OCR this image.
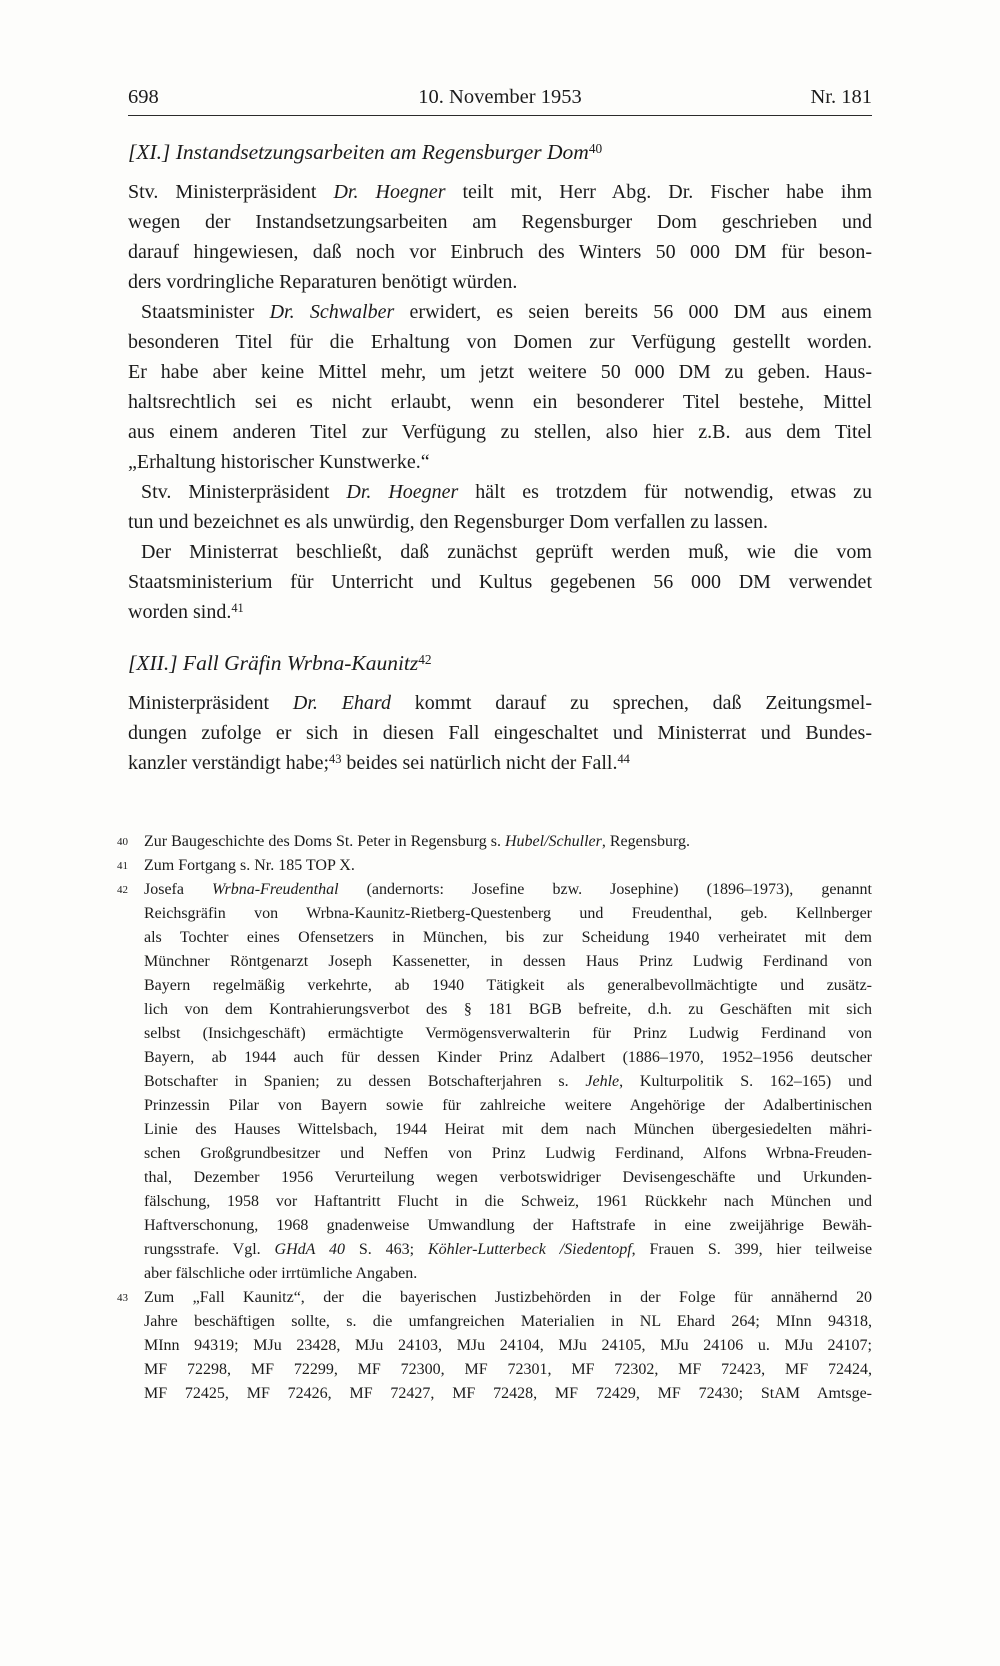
698	10. November 1953	Nr. 181
[XI.] Instandsetzungsarbeiten am Regensburger Dom$^{40}$
Stv. Ministerpräsident Dr. Hoegner teilt mit, Herr Abg. Dr. Fischer habe ihm
wegen der Instandsetzungsarbeiten am Regensburger Dom geschrieben und
darauf hingewiesen, daß noch vor Einbruch des Winters 50 000 DM für beson-
ders vordringliche Reparaturen benötigt würden.
Staatsminister Dr. Schwalber erwidert, es seien bereits 56 000 DM aus einem
besonderen Titel für die Erhaltung von Domen zur Verfügung gestellt worden.
Er habe aber keine Mittel mehr, um jetzt weitere 50 000 DM zu geben. Haus-
haltsrechtlich sei es nicht erlaubt, wenn ein besonderer Titel bestehe, Mittel
aus einem anderen Titel zur Verfügung zu stellen, also hier z.B. aus dem Titel
„Erhaltung historischer Kunstwerke.“
Stv. Ministerpräsident Dr. Hoegner hält es trotzdem für notwendig, etwas zu
tun und bezeichnet es als unwürdig, den Regensburger Dom verfallen zu lassen.
Der Ministerrat beschließt, daß zunächst geprüft werden muß, wie die vom
Staatsministerium für Unterricht und Kultus gegebenen 56 000 DM verwendet
worden sind.$^{41}$
[XII.] Fall Gräfin Wrbna-Kaunitz$^{42}$
Ministerpräsident Dr. Ehard kommt darauf zu sprechen, daß Zeitungsmel-
dungen zufolge er sich in diesen Fall eingeschaltet und Ministerrat und Bundes-
kanzler verständigt habe;$^{43}$ beides sei natürlich nicht der Fall.$^{44}$
40 Zur Baugeschichte des Doms St. Peter in Regensburg s. Hubel/Schuller, Regensburg.
41 Zum Fortgang s. Nr. 185 TOP X.
42 Josefa Wrbna-Freudenthal (andernorts: Josefine bzw. Josephine) (1896–1973), genannt
Reichsgräfin von Wrbna-Kaunitz-Rietberg-Questenberg und Freudenthal, geb. Kellnberger
als Tochter eines Ofensetzers in München, bis zur Scheidung 1940 verheiratet mit dem
Münchner Röntgenarzt Joseph Kassenetter, in dessen Haus Prinz Ludwig Ferdinand von
Bayern regelmäßig verkehrte, ab 1940 Tätigkeit als generalbevollmächtigte und zusätz-
lich von dem Kontrahierungsverbot des § 181 BGB befreite, d.h. zu Geschäften mit sich
selbst (Insichgeschäft) ermächtigte Vermögensverwalterin für Prinz Ludwig Ferdinand von
Bayern, ab 1944 auch für dessen Kinder Prinz Adalbert (1886–1970, 1952–1956 deutscher
Botschafter in Spanien; zu dessen Botschafterjahren s. Jehle, Kulturpolitik S. 162–165) und
Prinzessin Pilar von Bayern sowie für zahlreiche weitere Angehörige der Adalbertinischen
Linie des Hauses Wittelsbach, 1944 Heirat mit dem nach München übergesiedelten mähri-
schen Großgrundbesitzer und Neffen von Prinz Ludwig Ferdinand, Alfons Wrbna-Freuden-
thal, Dezember 1956 Verurteilung wegen verbotswidriger Devisengeschäfte und Urkunden-
fälschung, 1958 vor Haftantritt Flucht in die Schweiz, 1961 Rückkehr nach München und
Haftverschonung, 1968 gnadenweise Umwandlung der Haftstrafe in eine zweijährige Bewäh-
rungsstrafe. Vgl. GHdA 40 S. 463; Köhler-Lutterbeck /Siedentopf, Frauen S. 399, hier teilweise
aber fälschliche oder irrtümliche Angaben.
43 Zum „Fall Kaunitz“, der die bayerischen Justizbehörden in der Folge für annähernd 20
Jahre beschäftigen sollte, s. die umfangreichen Materialien in NL Ehard 264; MInn 94318,
MInn 94319; MJu 23428, MJu 24103, MJu 24104, MJu 24105, MJu 24106 u. MJu 24107;
MF 72298, MF 72299, MF 72300, MF 72301, MF 72302, MF 72423, MF 72424,
MF 72425, MF 72426, MF 72427, MF 72428, MF 72429, MF 72430; StAM Amtsge-
